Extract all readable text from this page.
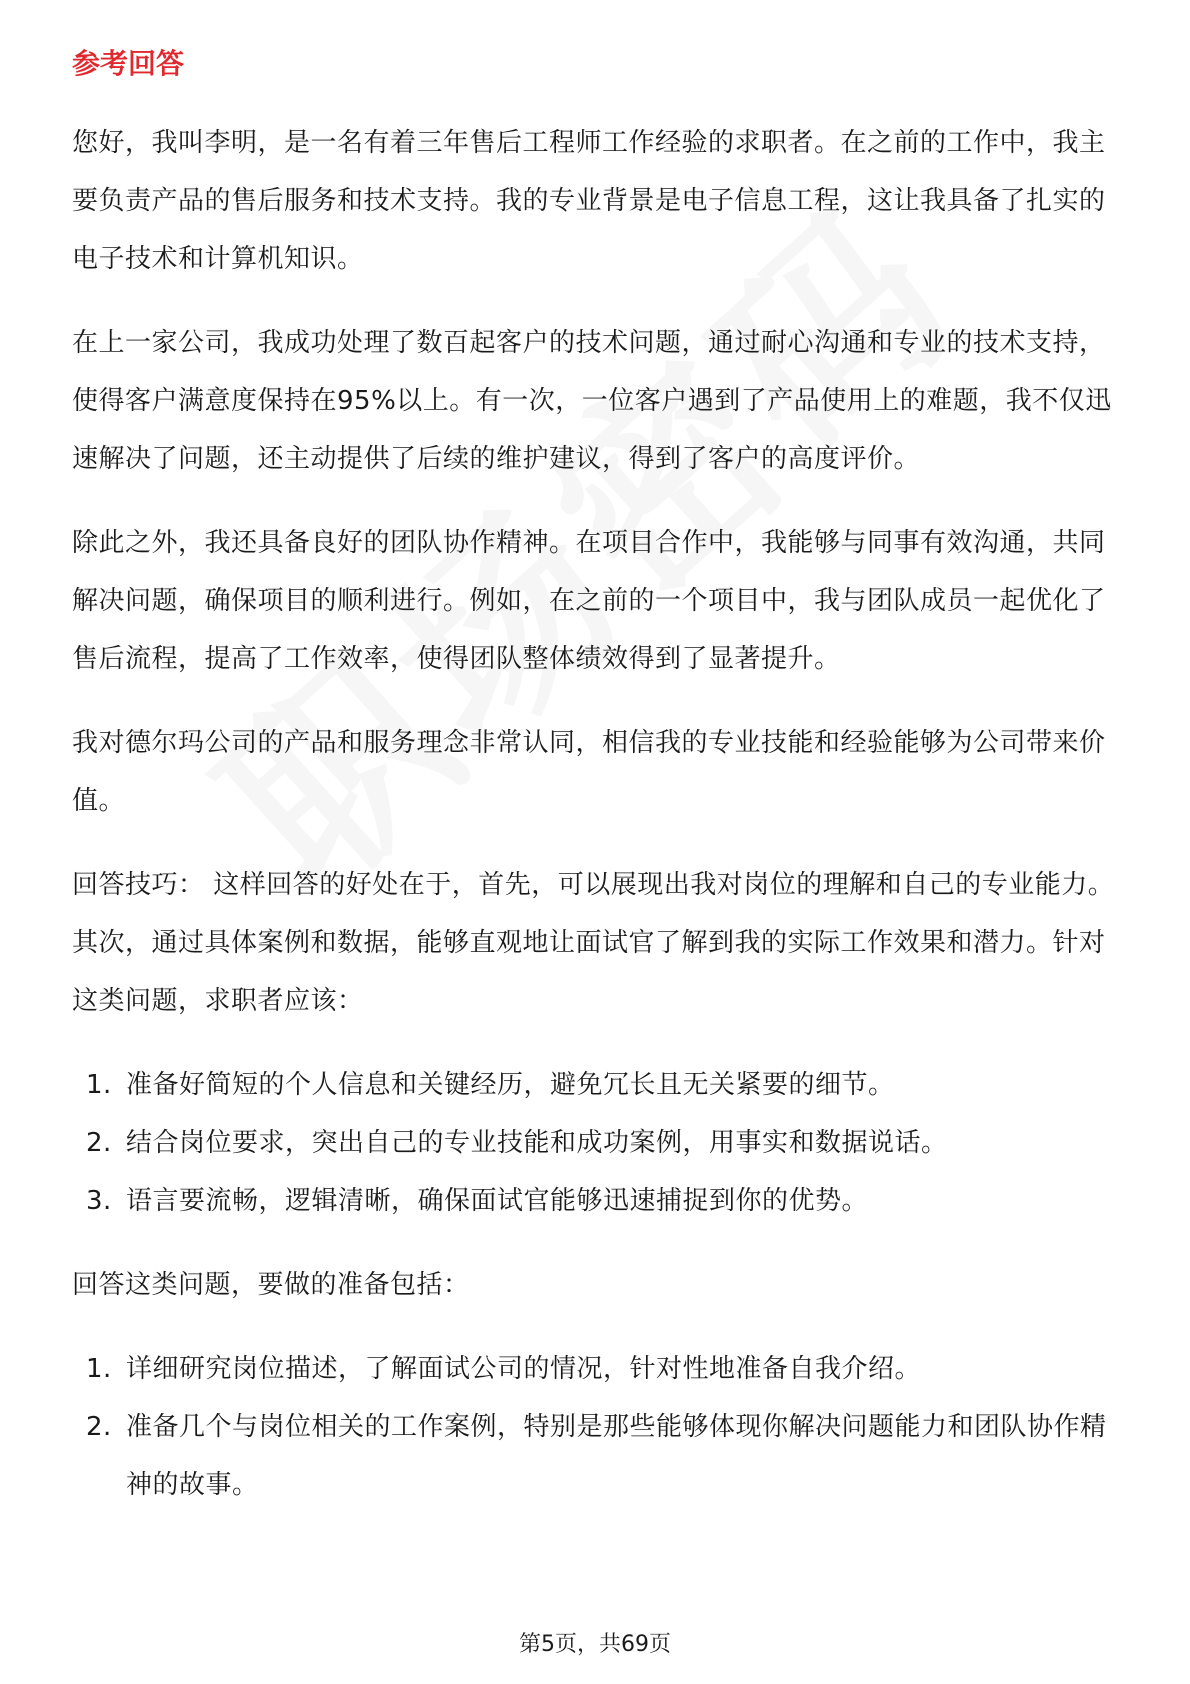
参考回答

您好，我叫李明，是一名有着三年售后工程师工作经验的求职者。在之前的工作中，我主要负责产品的售后服务和技术支持。我的专业背景是电子信息工程，这让我具备了扎实的电子技术和计算机知识。

在上一家公司，我成功处理了数百起客户的技术问题，通过耐心沟通和专业的技术支持，使得客户满意度保持在95%以上。有一次，一位客户遇到了产品使用上的难题，我不仅迅速解决了问题，还主动提供了后续的维护建议，得到了客户的高度评价。

除此之外，我还具备良好的团队协作精神。在项目合作中，我能够与同事有效沟通，共同解决问题，确保项目的顺利进行。例如，在之前的一个项目中，我与团队成员一起优化了售后流程，提高了工作效率，使得团队整体绩效得到了显著提升。

我对德尔玛公司的产品和服务理念非常认同，相信我的专业技能和经验能够为公司带来价值。

回答技巧： 这样回答的好处在于，首先，可以展现出我对岗位的理解和自己的专业能力。其次，通过具体案例和数据，能够直观地让面试官了解到我的实际工作效果和潜力。针对这类问题，求职者应该：

1. 准备好简短的个人信息和关键经历，避免冗长且无关紧要的细节。
2. 结合岗位要求，突出自己的专业技能和成功案例，用事实和数据说话。
3. 语言要流畅，逻辑清晰，确保面试官能够迅速捕捉到你的优势。

回答这类问题，要做的准备包括：

1. 详细研究岗位描述，了解面试公司的情况，针对性地准备自我介绍。
2. 准备几个与岗位相关的工作案例，特别是那些能够体现你解决问题能力和团队协作精神的故事。
第5页，共69页
